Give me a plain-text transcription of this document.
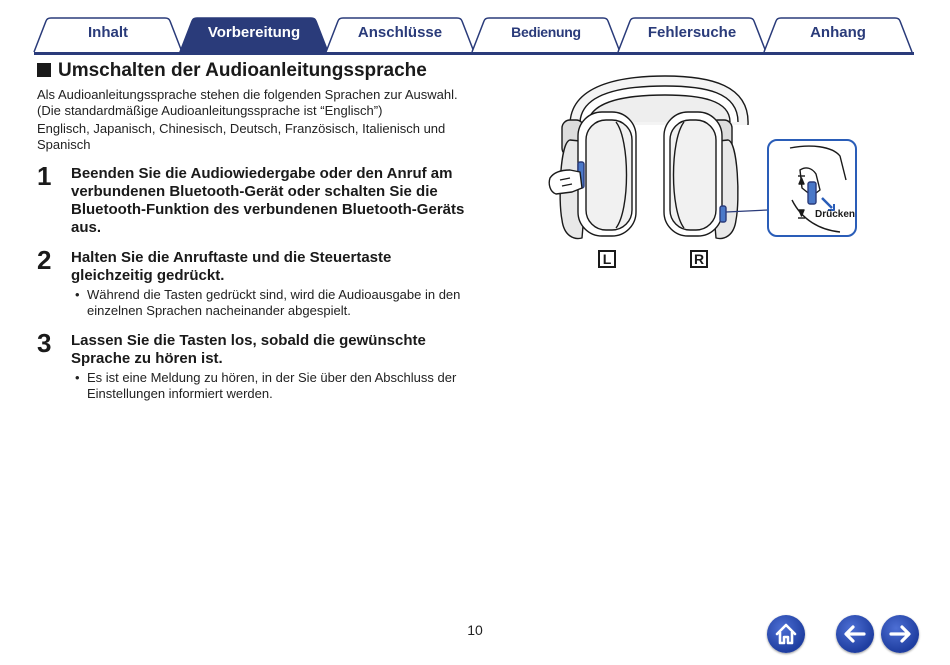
Inhalt	Vorbereitung	Anschlüsse	Bedienung	Fehlersuche	Anhang
Umschalten der Audioanleitungssprache
Als Audioanleitungssprache stehen die folgenden Sprachen zur Auswahl.
(Die standardmäßige Audioanleitungssprache ist “Englisch”)
Englisch, Japanisch, Chinesisch, Deutsch, Französisch, Italienisch und
Spanisch
1 Beenden Sie die Audiowiedergabe oder den Anruf am
verbundenen Bluetooth-Gerät oder schalten Sie die
Bluetooth-Funktion des verbundenen Bluetooth-Geräts
aus.
2 Halten Sie die Anruftaste und die Steuertaste
gleichzeitig gedrückt.
• Während die Tasten gedrückt sind, wird die Audioausgabe in den
einzelnen Sprachen nacheinander abgespielt.
3 Lassen Sie die Tasten los, sobald die gewünschte
Sprache zu hören ist.
• Es ist eine Meldung zu hören, in der Sie über den Abschluss der
Einstellungen informiert werden.
Drücken
L	R
10
